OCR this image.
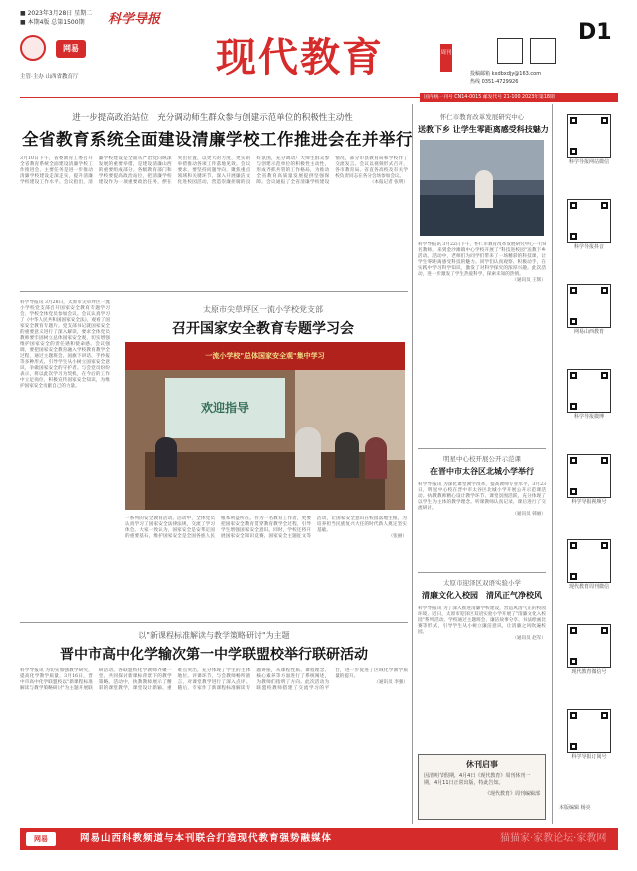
■ 2023年3月28日 星期二
■ 本期4版 总第1500期
网易
主管·主办 山西省教育厅
科学导报
现代教育	周刊
投稿邮箱 kxdbxdjy@163.com
热线 0351-4729926
D1
国内统一刊号 CN14-0015 邮发代号 21-100 2023年第18期
进一步提高政治站位　充分调动师生群众参与创建示范单位的积极性主动性
全省教育系统全面建设清廉学校工作推进会在并举行
3月10日下午，省委教育工委召开全省教育系统全面建设清廉学校工作推进会，主要任务是进一步推动清廉学校建设走深走实，提升清廉学校建设工作水平。会议指出，清廉学校建设是全面从严治党向纵深发展的重要举措，是建设清廉山西的重要组成部分。各级教育部门和学校要提高政治站位，把清廉学校建设作为一项重要政治任务，摆在突出位置，以更大的力度、更实的举措推动各项工作落地见效。会议要求，要坚持问题导向，聚焦重点领域和关键环节，深入开展廉洁文化进校园活动，营造崇廉拒腐的良好氛围，充分调动广大师生群众参与创建示范单位的积极性主动性，形成齐抓共管的工作格局，为推动全省教育高质量发展提供坚强保障。会议通报了全省清廉学校建设情况，部分市县教育局和学校作了交流发言。会议以视频形式召开，各市教育局、省直各高校及有关学校负责同志在各分会场参加会议。
（本报记者 张明）
科学导报讯 3月28日，太原市尖草坪区一流小学校党支部召开国家安全教育专题学习会，学校全体党员参加会议。会议认真学习了《中华人民共和国国家安全法》，观看了国家安全教育专题片。党支部书记就国家安全的重要意义进行了深入解读，要求全体党员教师要牢固树立总体国家安全观，切实增强维护国家安全的责任感和使命感。会议强调，要把国家安全教育融入学校教育教学全过程，通过主题班会、国旗下讲话、手抄报等多种形式，引导学生从小树立国家安全意识，争做国家安全的守护者。与会党员纷纷表示，将以此次学习为契机，在今后的工作中立足岗位，积极宣传国家安全知识，为维护国家安全贡献自己的力量。
太原市尖草坪区一流小学校党支部
召开国家安全教育专题学习会
一流小学校"总体国家安全观"集中学习
欢迎指导
一系列的安全教育活动。活动中，全体党员认真学习了国家安全法律法规，交流了学习体会。大家一致认为，国家安全是安邦定国的重要基石，维护国家安全是全国各族人民根本利益所在。作为一名教育工作者，更要把国家安全教育贯穿教育教学全过程，引导学生增强国家安全意识。同时，学校还将开展国家安全知识竞赛、国家安全主题征文等活动，让国家安全意识在校园落地生根，为培养担当民族复兴大任的时代新人奠定坚实基础。
（张丽）
以"新课程标准解读与教学策略研讨"为主题
晋中市高中化学输次第一中学联盟校举行联研活动
科学导报讯 为切实加强教学研究，提高化学教学质量，3月16日，晋中市高中化学联盟校以"新课程标准解读与教学策略研讨"为主题开展联研活动。各联盟校化学教师齐聚一堂，共同探讨新课标背景下的教学策略。活动中，执教教师展示了精彩的课堂教学，课堂设计新颖、重难点突出，充分体现了学生的主体地位。评课环节，与会教师畅所欲言，对课堂教学进行了深入点评。随后，专家作了新课程标准解读专题讲座，从课程性质、课程理念、核心素养等方面进行了系统阐述，为教师们指明了方向。此次活动为联盟校教师搭建了交流学习的平台，进一步促进了区域化学教学质量的提升。
（通讯员 李强）
怀仁市教育改革发展研究中心
送教下乡 让学生零距离感受科技魅力
科学导报讯 3月22日下午，怀仁市教育改革发展研究中心一行8名教师，来到金沙滩镇中心学校开展了"科技进校园"送教下乡活动。活动中，老师们为同学们带来了一场精彩的科技课，让学生零距离感受科技的魅力。同学们认真观察、积极动手，在实践中学习科学知识，激发了对科学探究的浓厚兴趣。此次活动，进一步激发了学生热爱科学、探索未知的热情。
（通讯员 王辉）
明星中心校开展公开示范课
在晋中市太谷区北城小学举行
科学导报讯 为深化课堂教学改革，提高教师专业水平，3月23日，明星中心校在晋中市太谷区北城小学开展公开示范课活动。执教教师精心设计教学环节，课堂氛围活跃，充分体现了以学生为主体的教学理念。听课教师认真记录，课后进行了交流研讨。
（通讯员 韩丽）
太原市迎泽区双语实验小学
清廉文化入校园　清风正气净校风
科学导报讯 为了深入推进清廉学校建设，营造风清气正的校园环境，近日，太原市迎泽区双语实验小学开展了"清廉文化入校园"系列活动。学校通过主题班会、廉洁故事分享、书法绘画比赛等形式，引导学生从小树立廉洁意识，让清廉之风吹遍校园。
（通讯员 赵军）
休刊启事
因清明节假期，4月4日《现代教育》周刊休刊一期，4月11日正常出版，特此告知。
《现代教育》周刊编辑部
科学导报网站微信
科学导报抖音
网易山西教育
科学导报微博
科学导报视频号
现代教育周刊微信
现代教育微信号
科学导报订阅号
本版编辑 杨亮
网易	网易山西科教频道与本刊联合打造现代教育强势融媒体	猫猫家·家教论坛·家教网
